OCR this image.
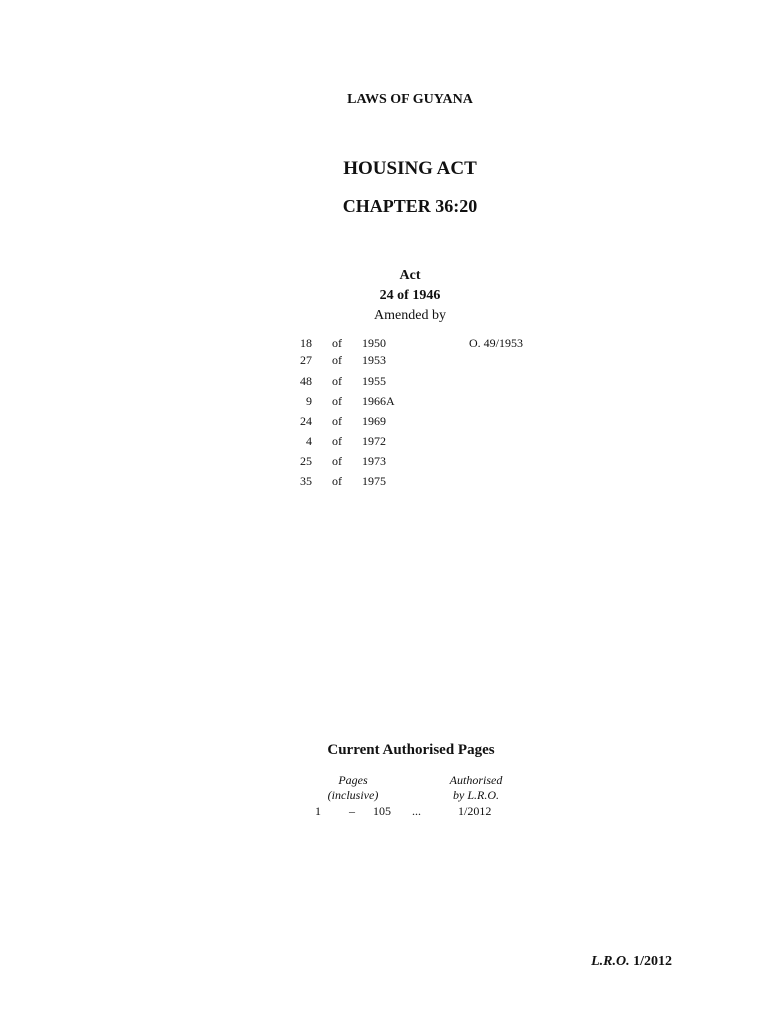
LAWS OF GUYANA
HOUSING ACT
CHAPTER 36:20
Act
24 of 1946
Amended by
18 of 1950	O. 49/1953
27 of 1953
48 of 1955
9 of 1966A
24 of 1969
4 of 1972
25 of 1973
35 of 1975
Current Authorised Pages
Pages
(inclusive)
Authorised
by L.R.O.
1 – 105 ...	1/2012
L.R.O. 1/2012
